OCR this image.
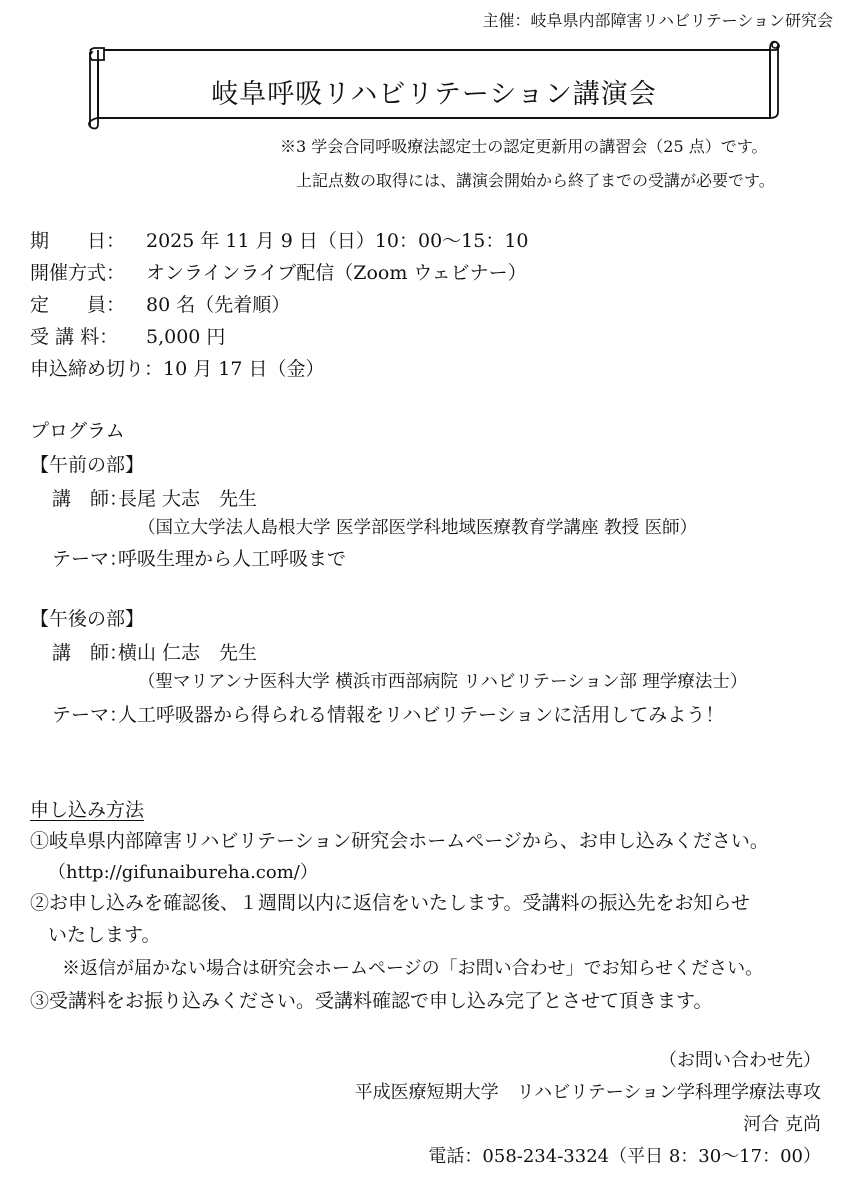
主催：岐阜県内部障害リハビリテーション研究会
岐阜呼吸リハビリテーション講演会
※3 学会合同呼吸療法認定士の認定更新用の講習会（25 点）です。
上記点数の取得には、講演会開始から終了までの受講が必要です。
期　　日： 2025 年 11 月 9 日（日）10：00〜15：10
開催方式： オンラインライブ配信（Zoom ウェビナー）
定　　員： 80 名（先着順）
受 講 料： 5,000 円
申込締め切り：10 月 17 日（金）
プログラム
【午前の部】
講　師：
長尾 大志　先生
（国立大学法人島根大学 医学部医学科地域医療教育学講座 教授 医師）
テーマ：
呼吸生理から人工呼吸まで
【午後の部】
講　師：
横山 仁志　先生
（聖マリアンナ医科大学 横浜市西部病院 リハビリテーション部 理学療法士）
テーマ：
人工呼吸器から得られる情報をリハビリテーションに活用してみよう！
申し込み方法
①岐阜県内部障害リハビリテーション研究会ホームページから、お申し込みください。
（http://gifunaibureha.com/）
②お申し込みを確認後、１週間以内に返信をいたします。受講料の振込先をお知らせ
いたします。
※返信が届かない場合は研究会ホームページの「お問い合わせ」でお知らせください。
③受講料をお振り込みください。受講料確認で申し込み完了とさせて頂きます。
（お問い合わせ先）
平成医療短期大学　リハビリテーション学科理学療法専攻
河合 克尚
電話：058-234-3324（平日 8：30〜17：00）
